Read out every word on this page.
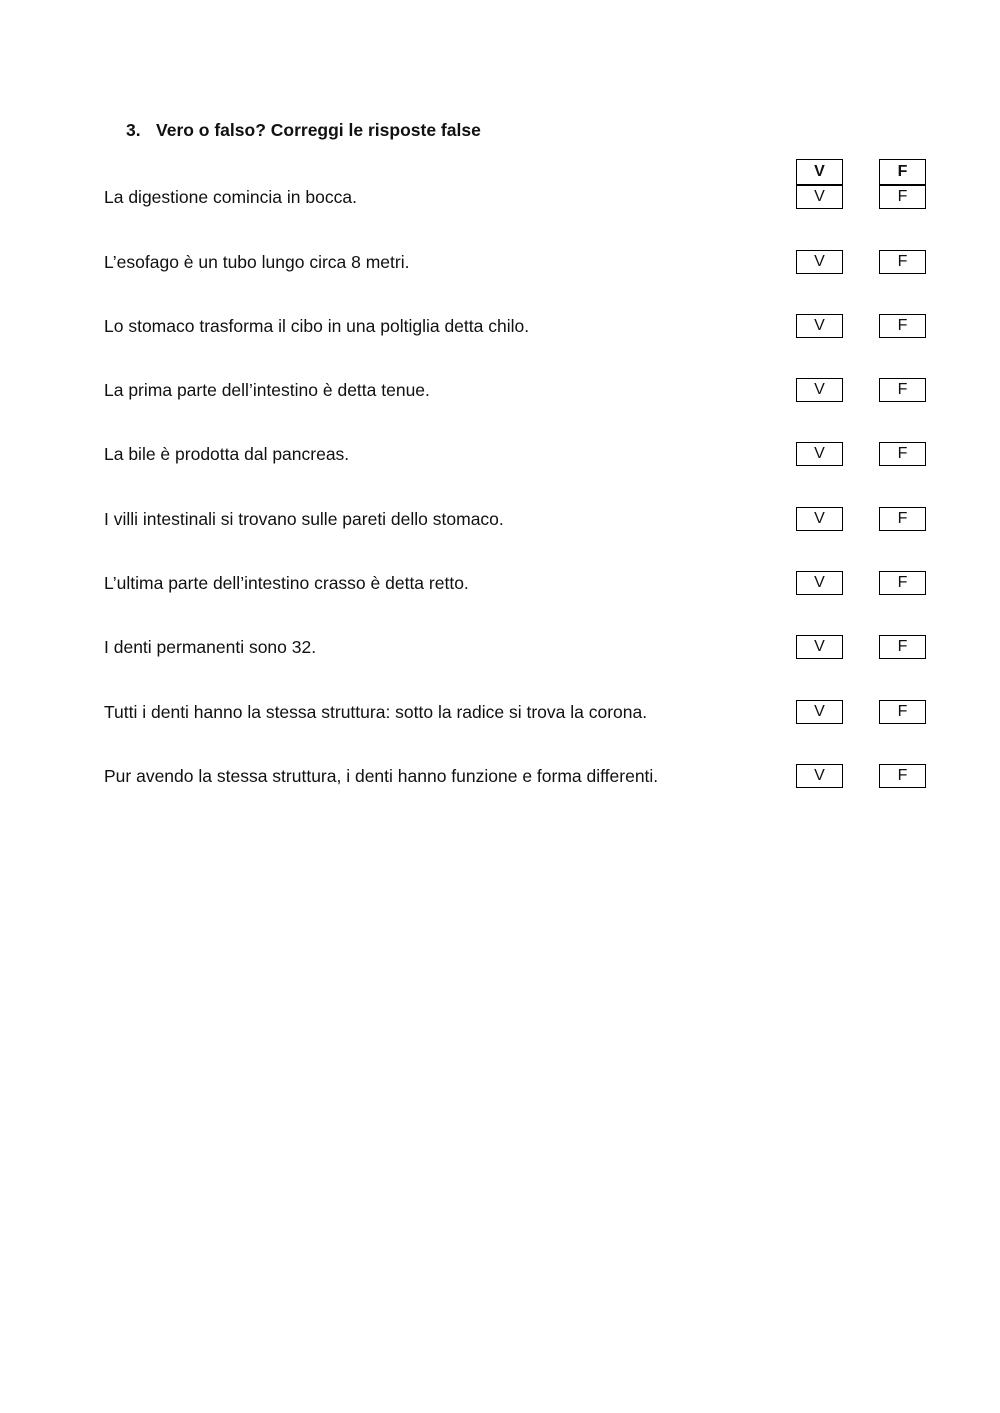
3. Vero o falso? Correggi le risposte false
V	F
La digestione comincia in bocca.	V	F
L’esofago è un tubo lungo circa 8 metri.	V	F
Lo stomaco trasforma il cibo in una poltiglia detta chilo.	V	F
La prima parte dell’intestino è detta tenue.	V	F
La bile è prodotta dal pancreas.	V	F
I villi intestinali si trovano sulle pareti dello stomaco.	V	F
L’ultima parte dell’intestino crasso è detta retto.	V	F
I denti permanenti sono 32.	V	F
Tutti i denti hanno la stessa struttura: sotto la radice si trova la corona.	V	F
Pur avendo la stessa struttura, i denti hanno funzione e forma differenti.	V	F
